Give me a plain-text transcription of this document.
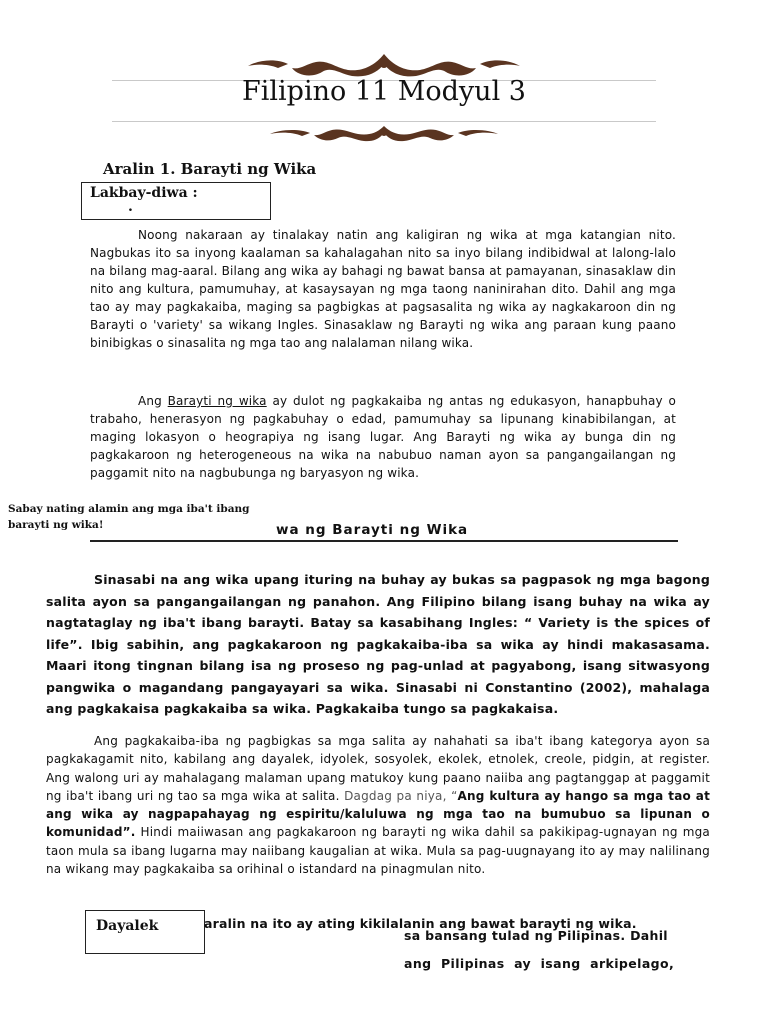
Filipino 11 Modyul 3
Aralin 1. Barayti ng Wika
Lakbay-diwa :
.
Noong nakaraan ay tinalakay natin ang kaligiran ng wika at mga katangian nito. Nagbukas ito sa inyong kaalaman sa kahalagahan nito sa inyo bilang indibidwal at lalong-lalo na bilang mag-aaral. Bilang ang wika ay bahagi ng bawat bansa at pamayanan, sinasaklaw din nito ang kultura, pamumuhay, at kasaysayan ng mga taong naninirahan dito. Dahil ang mga tao ay may pagkakaiba, maging sa pagbigkas at pagsasalita ng wika ay nagkakaroon din ng Barayti o 'variety' sa wikang Ingles. Sinasaklaw ng Barayti ng wika ang paraan kung paano binibigkas o sinasalita ng mga tao ang nalalaman nilang wika.
Ang Barayti ng wika ay dulot ng pagkakaiba ng antas ng edukasyon, hanapbuhay o trabaho, henerasyon ng pagkabuhay o edad, pamumuhay sa lipunang kinabibilangan, at maging lokasyon o heograpiya ng isang lugar. Ang Barayti ng wika ay bunga din ng pagkakaroon ng heterogeneous na wika na nabubuo naman ayon sa pangangailangan ng paggamit nito na nagbubunga ng baryasyon ng wika.
Sabay nating alamin ang mga iba't ibang barayti ng wika!	wa ng Barayti ng Wika
Sinasabi na ang wika upang ituring na buhay ay bukas sa pagpasok ng mga bagong salita ayon sa pangangailangan ng panahon. Ang Filipino bilang isang buhay na wika ay nagtataglay ng iba't ibang barayti. Batay sa kasabihang Ingles: “ Variety is the spices of life”. Ibig sabihin, ang pagkakaroon ng pagkakaiba-iba sa wika ay hindi makasasama. Maari itong tingnan bilang isa ng proseso ng pag-unlad at pagyabong, isang sitwasyong pangwika o magandang pangayayari sa wika. Sinasabi ni Constantino (2002), mahalaga ang pagkakaisa pagkakaiba sa wika. Pagkakaiba tungo sa pagkakaisa.
Ang pagkakaiba-iba ng pagbigkas sa mga salita ay nahahati sa iba't ibang kategorya ayon sa pagkakagamit nito, kabilang ang dayalek, idyolek, sosyolek, ekolek, etnolek, creole, pidgin, at register. Ang walong uri ay mahalagang malaman upang matukoy kung paano naiiba ang pagtanggap at paggamit ng iba't ibang uri ng tao sa mga wika at salita. Dagdag pa niya, “Ang kultura ay hango sa mga tao at ang wika ay nagpapahayag ng espiritu/kaluluwa ng mga tao na bumubuo sa lipunan o komunidad”. Hindi maiiwasan ang pagkakaroon ng barayti ng wika dahil sa pakikipag-ugnayan ng mga taon mula sa ibang lugarna may naiibang kaugalian at wika. Mula sa pag-uugnayang ito ay may nalilinang na wikang may pagkakaiba sa orihinal o istandard na pinagmulan nito.
Dayalek	aralin na ito ay ating kikilalanin ang bawat barayti ng wika.
sa bansang tulad ng Pilipinas. Dahil
ang  Pilipinas  ay  isang  arkipelago,
